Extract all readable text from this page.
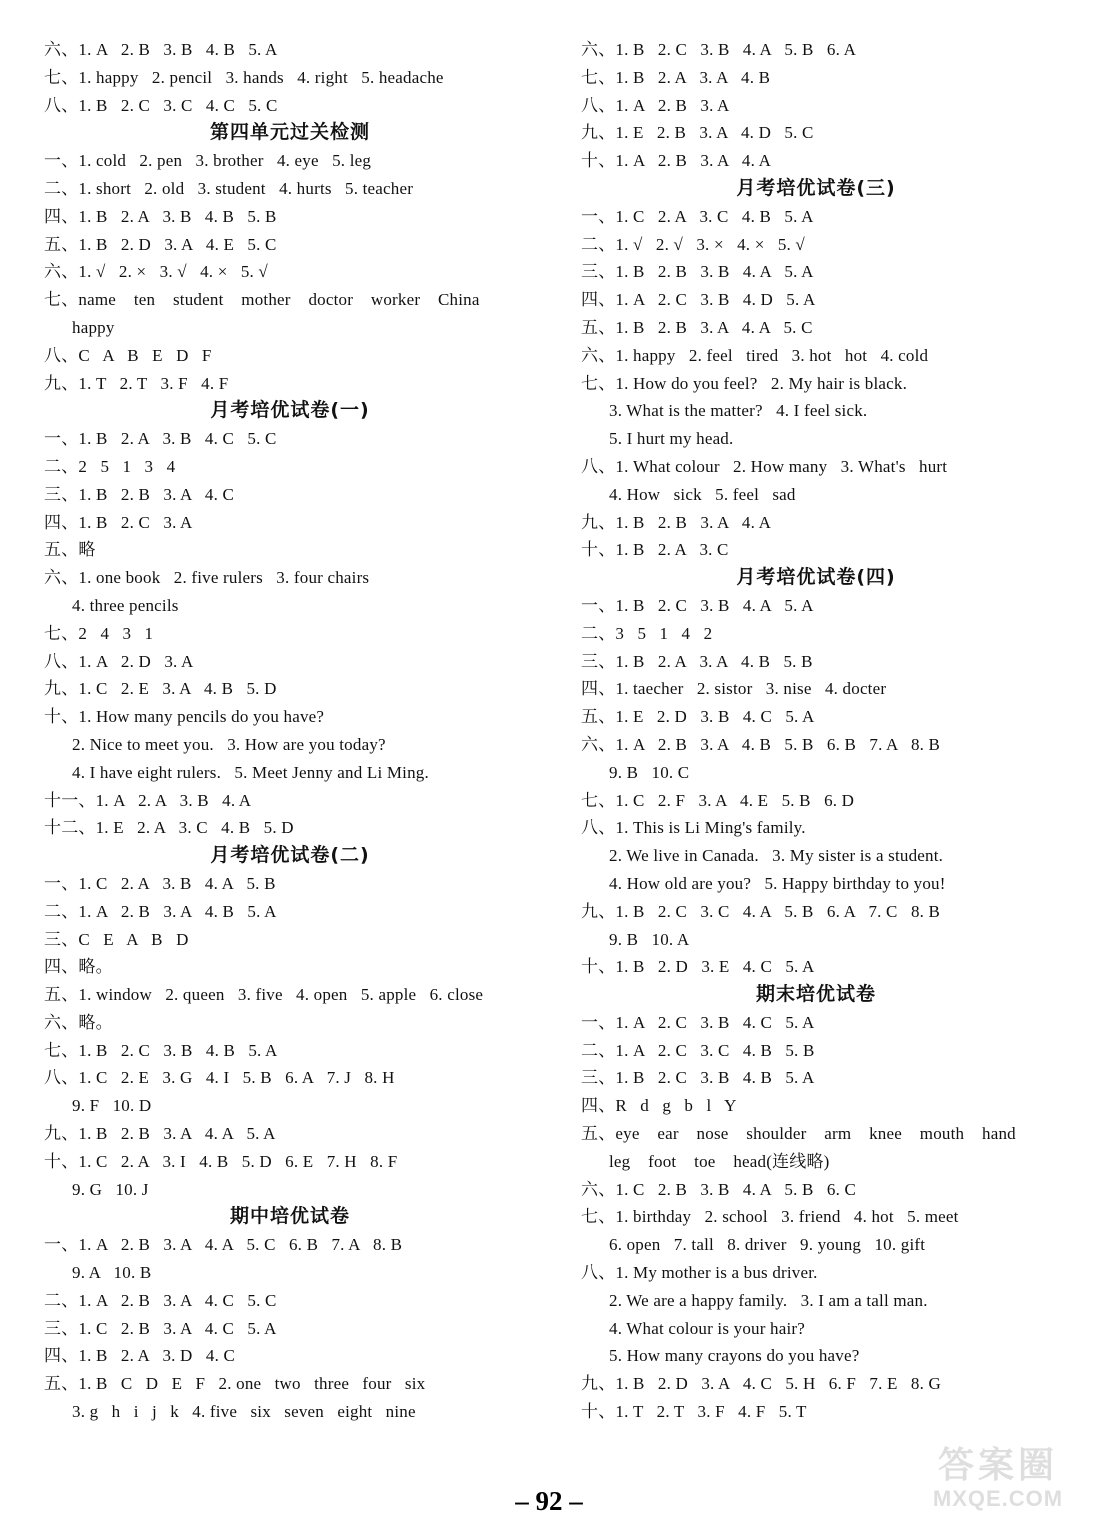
六、1. A   2. B   3. B   4. B   5. A
七、1. happy   2. pencil   3. hands   4. right   5. headache
八、1. B   2. C   3. C   4. C   5. C
第四单元过关检测
一、1. cold   2. pen   3. brother   4. eye   5. leg
二、1. short   2. old   3. student   4. hurts   5. teacher
四、1. B   2. A   3. B   4. B   5. B
五、1. B   2. D   3. A   4. E   5. C
六、1. √   2. ×   3. √   4. ×   5. √
七、name    ten    student    mother    doctor    worker    China
happy
八、C   A   B   E   D   F
九、1. T   2. T   3. F   4. F
月考培优试卷(一)
一、1. B   2. A   3. B   4. C   5. C
二、2   5   1   3   4
三、1. B   2. B   3. A   4. C
四、1. B   2. C   3. A
五、略
六、1. one book   2. five rulers   3. four chairs
4. three pencils
七、2   4   3   1
八、1. A   2. D   3. A
九、1. C   2. E   3. A   4. B   5. D
十、1. How many pencils do you have?
2. Nice to meet you.   3. How are you today?
4. I have eight rulers.   5. Meet Jenny and Li Ming.
十一、1. A   2. A   3. B   4. A
十二、1. E   2. A   3. C   4. B   5. D
月考培优试卷(二)
一、1. C   2. A   3. B   4. A   5. B
二、1. A   2. B   3. A   4. B   5. A
三、C   E   A   B   D
四、略。
五、1. window   2. queen   3. five   4. open   5. apple   6. close
六、略。
七、1. B   2. C   3. B   4. B   5. A
八、1. C   2. E   3. G   4. I   5. B   6. A   7. J   8. H
9. F   10. D
九、1. B   2. B   3. A   4. A   5. A
十、1. C   2. A   3. I   4. B   5. D   6. E   7. H   8. F
9. G   10. J
期中培优试卷
一、1. A   2. B   3. A   4. A   5. C   6. B   7. A   8. B
9. A   10. B
二、1. A   2. B   3. A   4. C   5. C
三、1. C   2. B   3. A   4. C   5. A
四、1. B   2. A   3. D   4. C
五、1. B   C   D   E   F   2. one   two   three   four   six
3. g   h   i   j   k   4. five   six   seven   eight   nine
六、1. B   2. C   3. B   4. A   5. B   6. A
七、1. B   2. A   3. A   4. B
八、1. A   2. B   3. A
九、1. E   2. B   3. A   4. D   5. C
十、1. A   2. B   3. A   4. A
月考培优试卷(三)
一、1. C   2. A   3. C   4. B   5. A
二、1. √   2. √   3. ×   4. ×   5. √
三、1. B   2. B   3. B   4. A   5. A
四、1. A   2. C   3. B   4. D   5. A
五、1. B   2. B   3. A   4. A   5. C
六、1. happy   2. feel   tired   3. hot   hot   4. cold
七、1. How do you feel?   2. My hair is black.
3. What is the matter?   4. I feel sick.
5. I hurt my head.
八、1. What colour   2. How many   3. What's   hurt
4. How   sick   5. feel   sad
九、1. B   2. B   3. A   4. A
十、1. B   2. A   3. C
月考培优试卷(四)
一、1. B   2. C   3. B   4. A   5. A
二、3   5   1   4   2
三、1. B   2. A   3. A   4. B   5. B
四、1. taecher   2. sistor   3. nise   4. docter
五、1. E   2. D   3. B   4. C   5. A
六、1. A   2. B   3. A   4. B   5. B   6. B   7. A   8. B
9. B   10. C
七、1. C   2. F   3. A   4. E   5. B   6. D
八、1. This is Li Ming's family.
2. We live in Canada.   3. My sister is a student.
4. How old are you?   5. Happy birthday to you!
九、1. B   2. C   3. C   4. A   5. B   6. A   7. C   8. B
9. B   10. A
十、1. B   2. D   3. E   4. C   5. A
期末培优试卷
一、1. A   2. C   3. B   4. C   5. A
二、1. A   2. C   3. C   4. B   5. B
三、1. B   2. C   3. B   4. B   5. A
四、R   d   g   b   l   Y
五、eye    ear    nose    shoulder    arm    knee    mouth    hand
leg    foot    toe    head(连线略)
六、1. C   2. B   3. B   4. A   5. B   6. C
七、1. birthday   2. school   3. friend   4. hot   5. meet
6. open   7. tall   8. driver   9. young   10. gift
八、1. My mother is a bus driver.
2. We are a happy family.   3. I am a tall man.
4. What colour is your hair?
5. How many crayons do you have?
九、1. B   2. D   3. A   4. C   5. H   6. F   7. E   8. G
十、1. T   2. T   3. F   4. F   5. T
– 92 –
答案圈
MXQE.COM
